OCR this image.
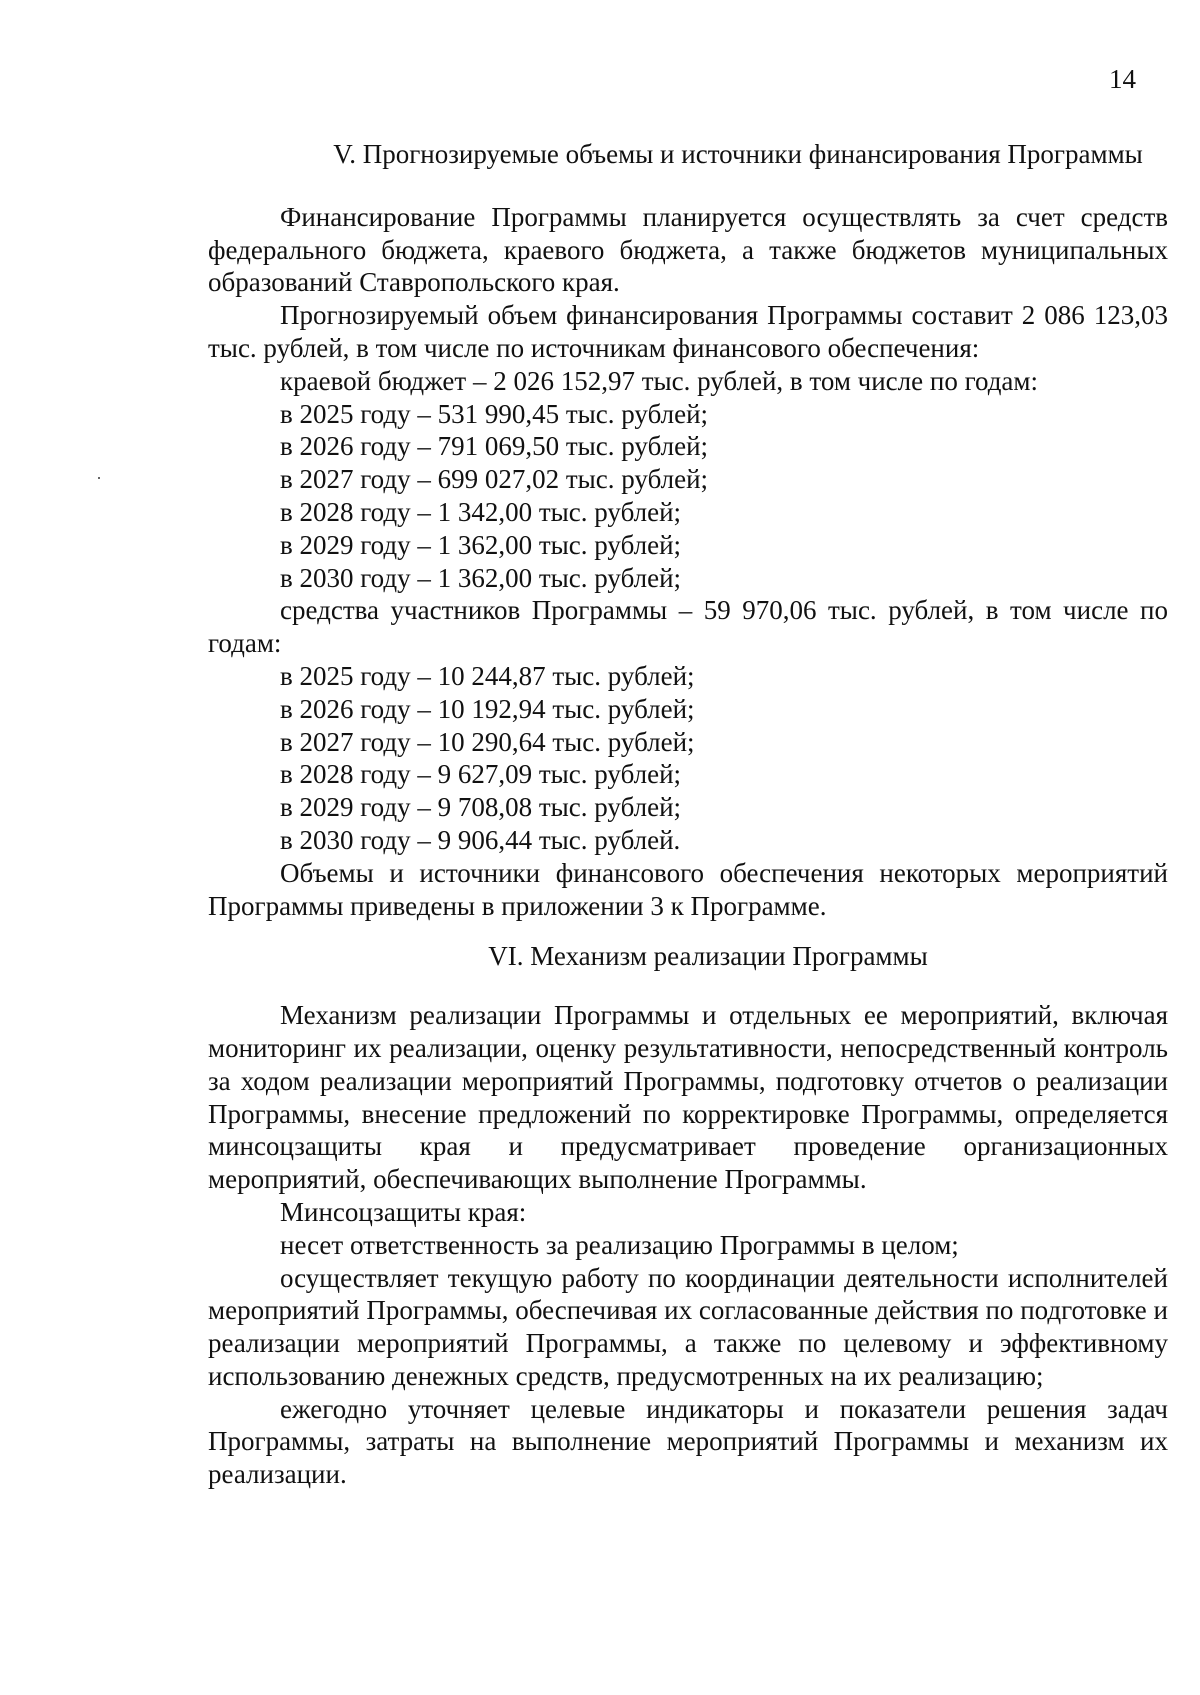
14

V. Прогнозируемые объемы и источники финансирования Программы

Финансирование Программы планируется осуществлять за счет средств федерального бюджета, краевого бюджета, а также бюджетов муниципальных образований Ставропольского края.

Прогнозируемый объем финансирования Программы составит 2 086 123,03 тыс. рублей, в том числе по источникам финансового обеспечения:

краевой бюджет – 2 026 152,97 тыс. рублей, в том числе по годам:

в 2025 году – 531 990,45 тыс. рублей;

в 2026 году – 791 069,50 тыс. рублей;

в 2027 году – 699 027,02 тыс. рублей;

в 2028 году – 1 342,00 тыс. рублей;

в 2029 году – 1 362,00 тыс. рублей;

в 2030 году – 1 362,00 тыс. рублей;

средства участников Программы – 59 970,06 тыс. рублей, в том числе по годам:

в 2025 году – 10 244,87 тыс. рублей;

в 2026 году – 10 192,94 тыс. рублей;

в 2027 году – 10 290,64 тыс. рублей;

в 2028 году – 9 627,09 тыс. рублей;

в 2029 году – 9 708,08 тыс. рублей;

в 2030 году – 9 906,44 тыс. рублей.

Объемы и источники финансового обеспечения некоторых мероприятий Программы приведены в приложении 3 к Программе.

VI. Механизм реализации Программы

Механизм реализации Программы и отдельных ее мероприятий, включая мониторинг их реализации, оценку результативности, непосредственный контроль за ходом реализации мероприятий Программы, подготовку отчетов о реализации Программы, внесение предложений по корректировке Программы, определяется минсоцзащиты края и предусматривает проведение организационных мероприятий, обеспечивающих выполнение Программы.

Минсоцзащиты края:

несет ответственность за реализацию Программы в целом;

осуществляет текущую работу по координации деятельности исполнителей мероприятий Программы, обеспечивая их согласованные действия по подготовке и реализации мероприятий Программы, а также по целевому и эффективному использованию денежных средств, предусмотренных на их реализацию;

ежегодно уточняет целевые индикаторы и показатели решения задач Программы, затраты на выполнение мероприятий Программы и механизм их реализации.
